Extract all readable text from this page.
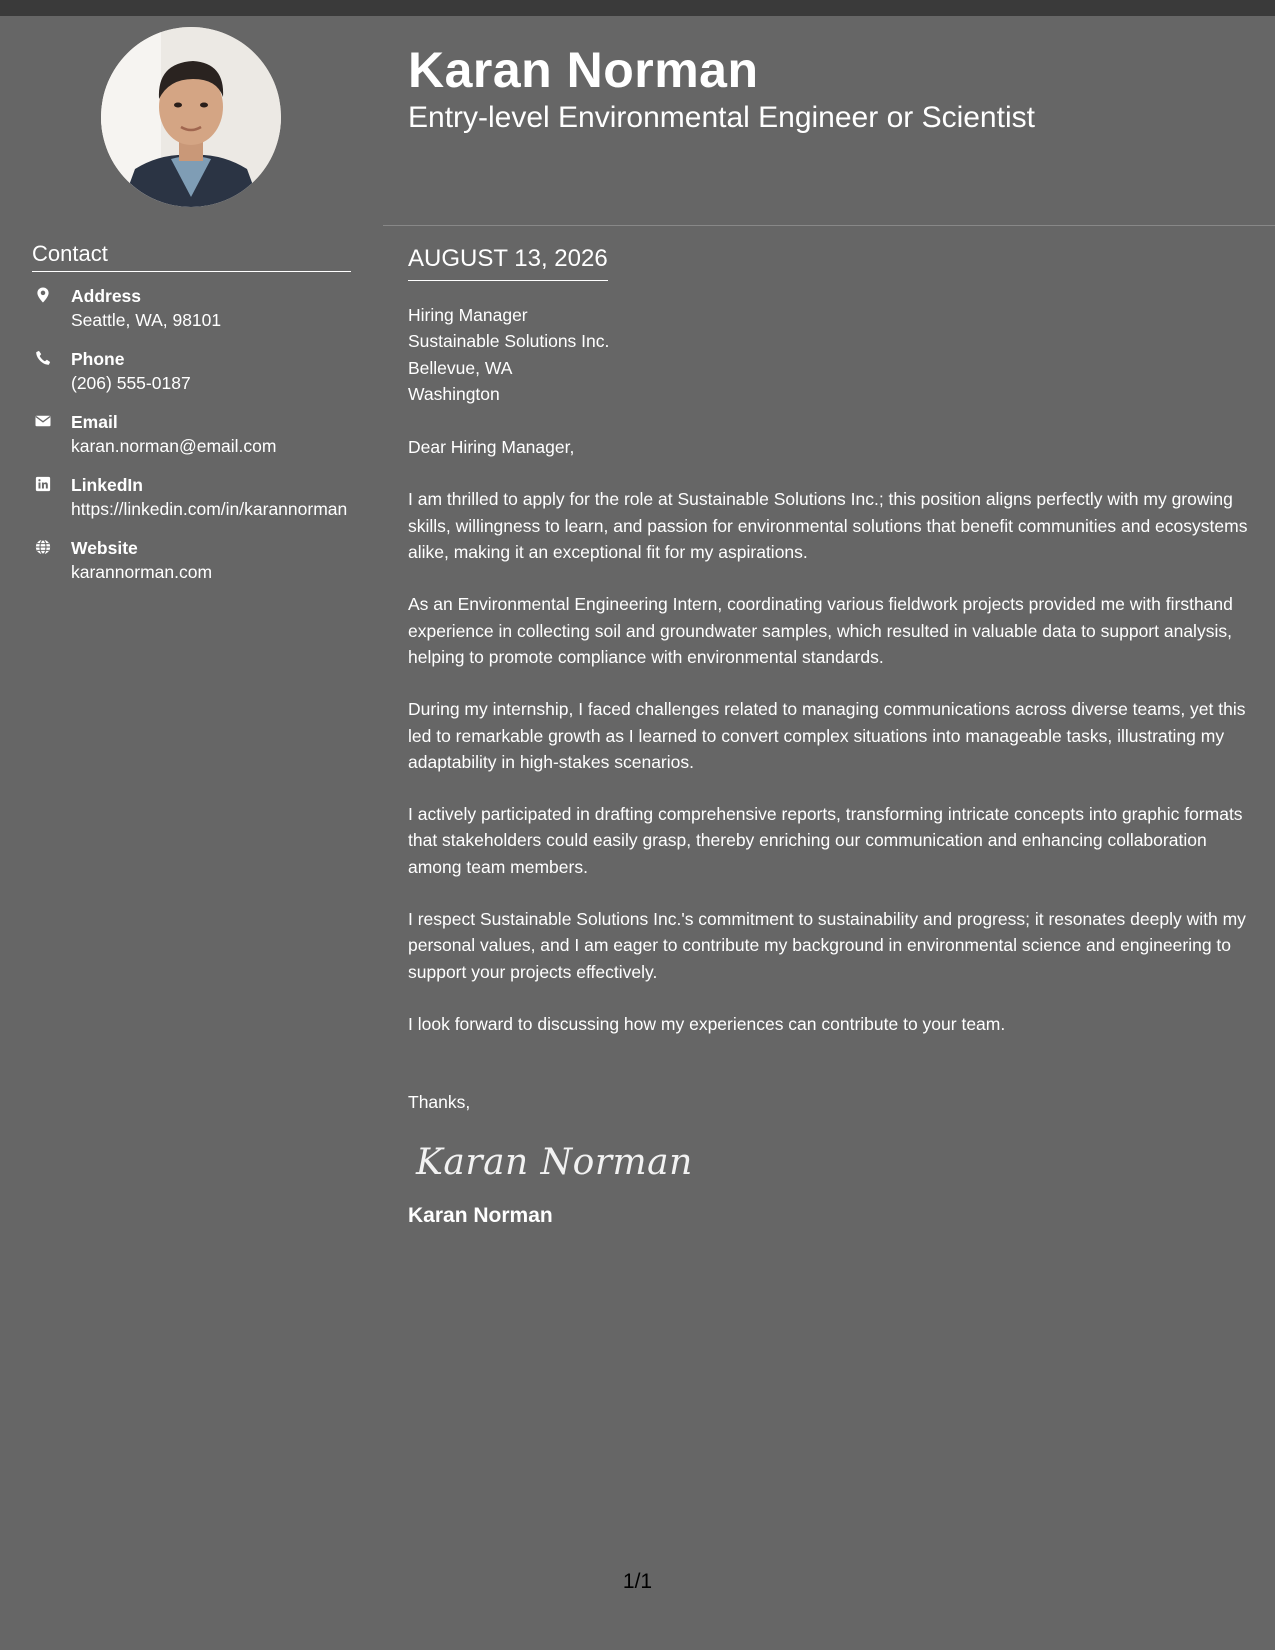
Contact
Address
Seattle, WA, 98101
Phone
(206) 555-0187
Email
karan.norman@email.com
LinkedIn
https://linkedin.com/in/karannorman
Website
karannorman.com
Karan Norman
Entry-level Environmental Engineer or Scientist
AUGUST 13, 2026
Hiring Manager
Sustainable Solutions Inc.
Bellevue, WA
Washington
Dear Hiring Manager,
I am thrilled to apply for the role at Sustainable Solutions Inc.; this position aligns perfectly with my growing skills, willingness to learn, and passion for environmental solutions that benefit communities and ecosystems alike, making it an exceptional fit for my aspirations.
As an Environmental Engineering Intern, coordinating various fieldwork projects provided me with firsthand experience in collecting soil and groundwater samples, which resulted in valuable data to support analysis, helping to promote compliance with environmental standards.
During my internship, I faced challenges related to managing communications across diverse teams, yet this led to remarkable growth as I learned to convert complex situations into manageable tasks, illustrating my adaptability in high-stakes scenarios.
I actively participated in drafting comprehensive reports, transforming intricate concepts into graphic formats that stakeholders could easily grasp, thereby enriching our communication and enhancing collaboration among team members.
I respect Sustainable Solutions Inc.'s commitment to sustainability and progress; it resonates deeply with my personal values, and I am eager to contribute my background in environmental science and engineering to support your projects effectively.
I look forward to discussing how my experiences can contribute to your team.
Thanks,
Karan Norman
Karan Norman
1/1
